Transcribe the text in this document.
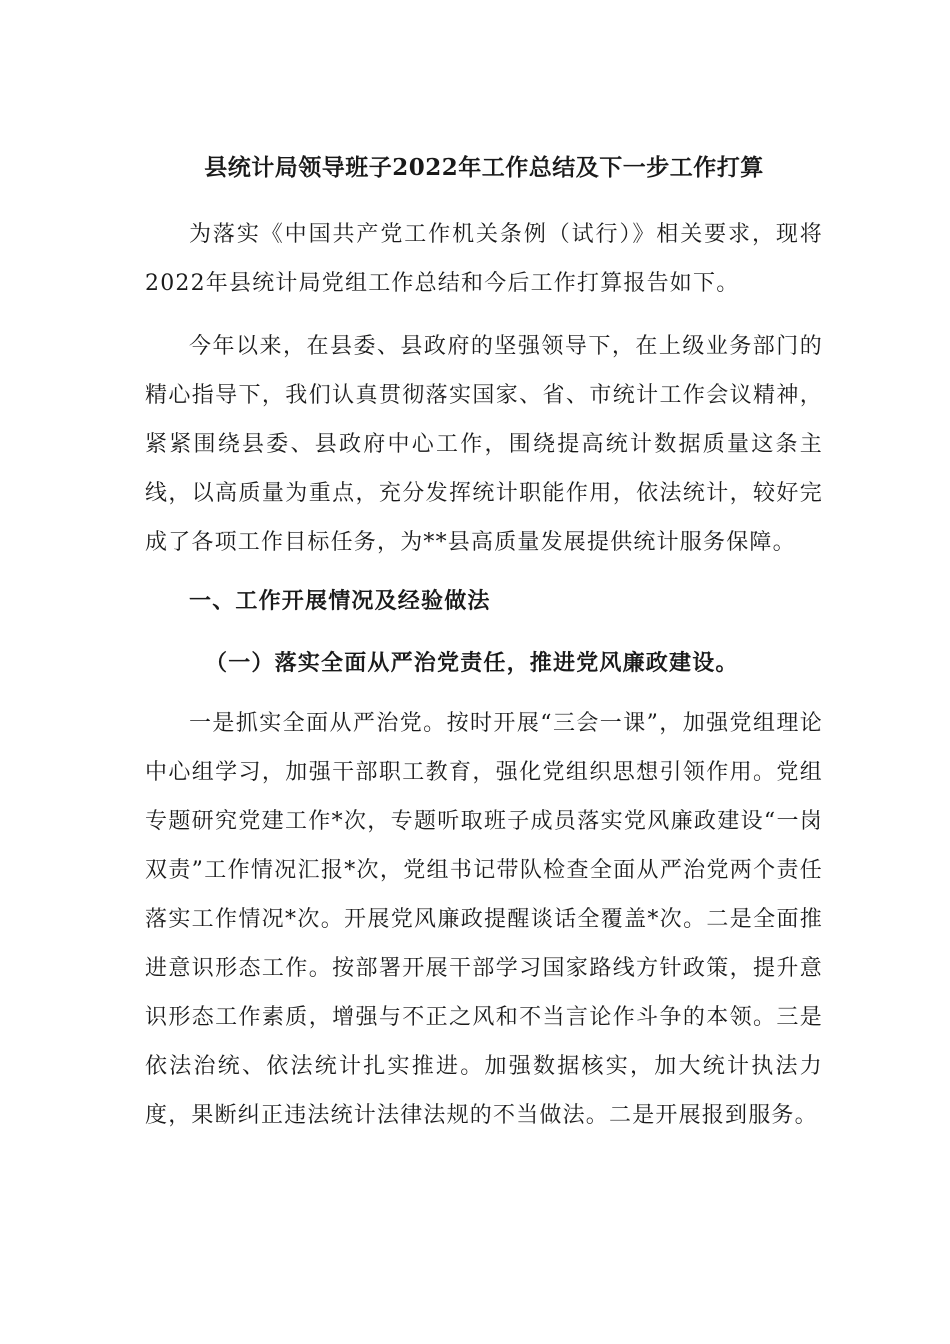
县统计局领导班子2022年工作总结及下一步工作打算

为落实《中国共产党工作机关条例（试行）》相关要求，现将2022年县统计局党组工作总结和今后工作打算报告如下。

今年以来，在县委、县政府的坚强领导下，在上级业务部门的精心指导下，我们认真贯彻落实国家、省、市统计工作会议精神，紧紧围绕县委、县政府中心工作，围绕提高统计数据质量这条主线，以高质量为重点，充分发挥统计职能作用，依法统计，较好完成了各项工作目标任务，为**县高质量发展提供统计服务保障。

一、工作开展情况及经验做法

（一）落实全面从严治党责任，推进党风廉政建设。

一是抓实全面从严治党。按时开展“三会一课”，加强党组理论中心组学习，加强干部职工教育，强化党组织思想引领作用。党组专题研究党建工作*次，专题听取班子成员落实党风廉政建设“一岗双责”工作情况汇报*次，党组书记带队检查全面从严治党两个责任落实工作情况*次。开展党风廉政提醒谈话全覆盖*次。二是全面推进意识形态工作。按部署开展干部学习国家路线方针政策，提升意识形态工作素质，增强与不正之风和不当言论作斗争的本领。三是依法治统、依法统计扎实推进。加强数据核实，加大统计执法力度，果断纠正违法统计法律法规的不当做法。二是开展报到服务。
